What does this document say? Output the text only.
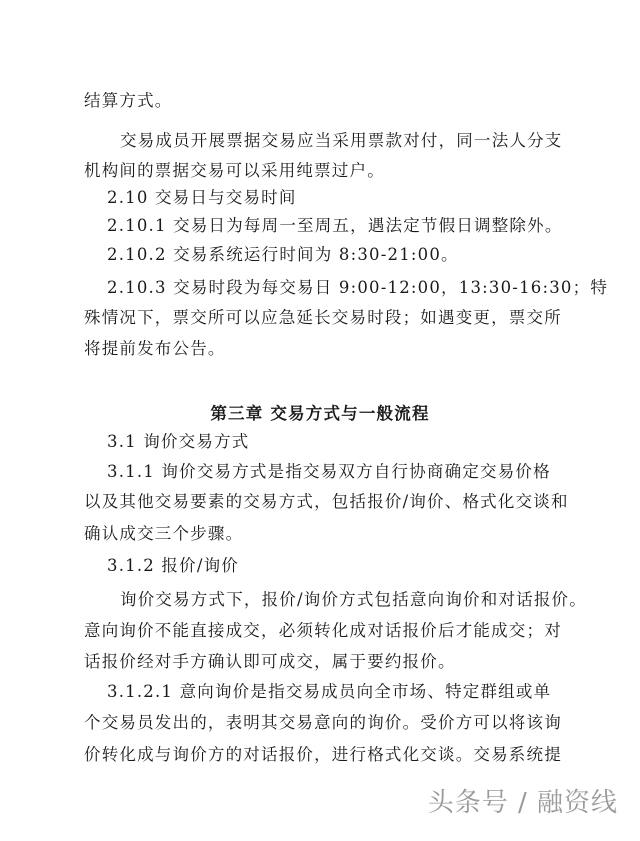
结算方式。
交易成员开展票据交易应当采用票款对付，同一法人分支
机构间的票据交易可以采用纯票过户。
2.10 交易日与交易时间
2.10.1 交易日为每周一至周五，遇法定节假日调整除外。
2.10.2 交易系统运行时间为 8:30-21:00。
2.10.3 交易时段为每交易日 9:00-12:00，13:30-16:30；特
殊情况下，票交所可以应急延长交易时段；如遇变更，票交所
将提前发布公告。
第三章 交易方式与一般流程
3.1 询价交易方式
3.1.1 询价交易方式是指交易双方自行协商确定交易价格
以及其他交易要素的交易方式，包括报价/询价、格式化交谈和
确认成交三个步骤。
3.1.2 报价/询价
询价交易方式下，报价/询价方式包括意向询价和对话报价。
意向询价不能直接成交，必须转化成对话报价后才能成交；对
话报价经对手方确认即可成交，属于要约报价。
3.1.2.1 意向询价是指交易成员向全市场、特定群组或单
个交易员发出的，表明其交易意向的询价。受价方可以将该询
价转化成与询价方的对话报价，进行格式化交谈。交易系统提
头条号 / 融资线
